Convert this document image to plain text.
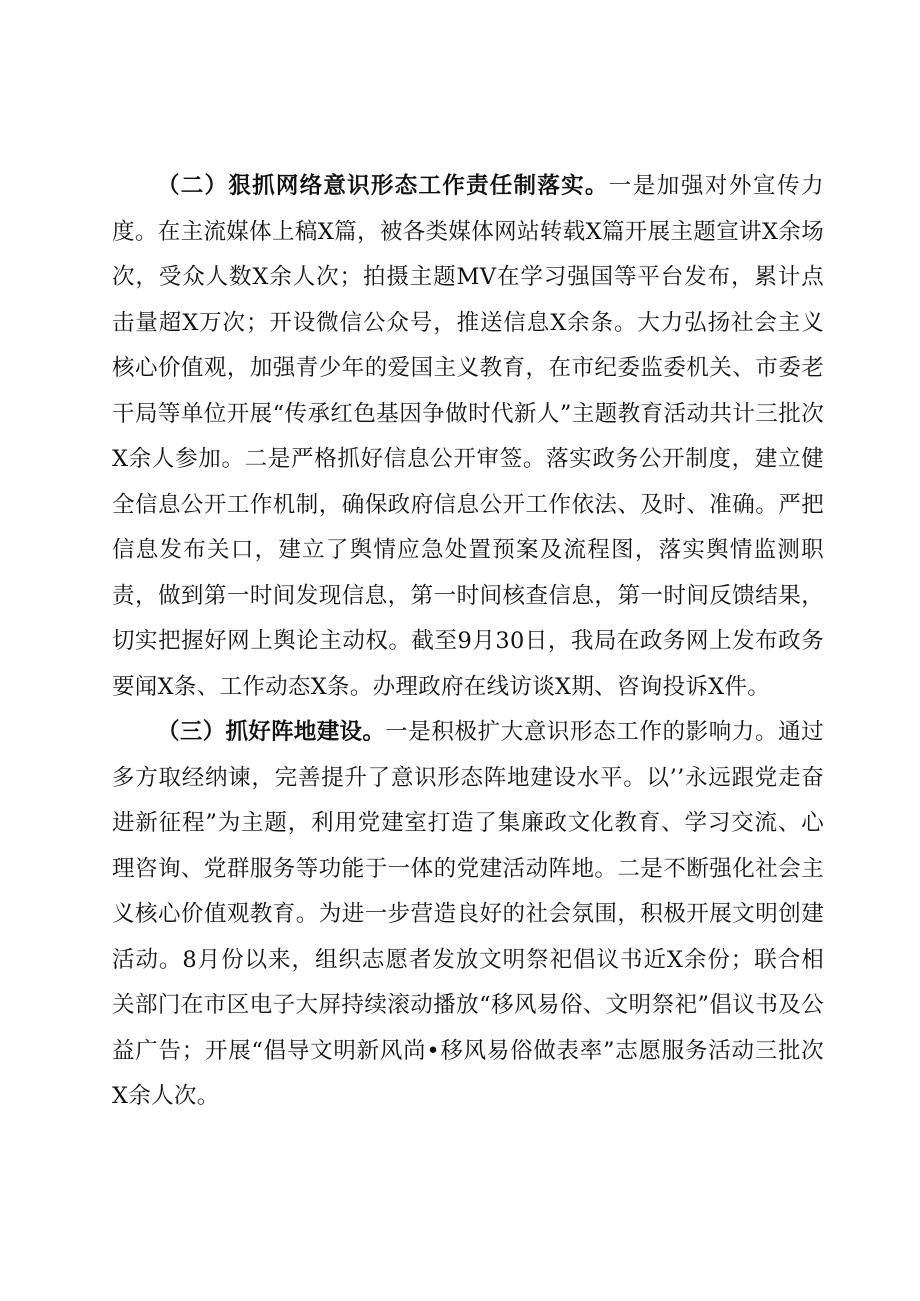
（二）狠抓网络意识形态工作责任制落实。一是加强对外宣传力度。在主流媒体上稿X篇，被各类媒体网站转载X篇开展主题宣讲X余场次，受众人数X余人次；拍摄主题MV在学习强国等平台发布，累计点击量超X万次；开设微信公众号，推送信息X余条。大力弘扬社会主义核心价值观，加强青少年的爱国主义教育，在市纪委监委机关、市委老干局等单位开展“传承红色基因争做时代新人”主题教育活动共计三批次X余人参加。二是严格抓好信息公开审签。落实政务公开制度，建立健全信息公开工作机制，确保政府信息公开工作依法、及时、准确。严把信息发布关口，建立了舆情应急处置预案及流程图，落实舆情监测职责，做到第一时间发现信息，第一时间核查信息，第一时间反馈结果，切实把握好网上舆论主动权。截至9月30日，我局在政务网上发布政务要闻X条、工作动态X条。办理政府在线访谈X期、咨询投诉X件。

（三）抓好阵地建设。一是积极扩大意识形态工作的影响力。通过多方取经纳谏，完善提升了意识形态阵地建设水平。以’’永远跟党走奋进新征程”为主题，利用党建室打造了集廉政文化教育、学习交流、心理咨询、党群服务等功能于一体的党建活动阵地。二是不断强化社会主义核心价值观教育。为进一步营造良好的社会氛围，积极开展文明创建活动。8月份以来，组织志愿者发放文明祭祀倡议书近X余份；联合相关部门在市区电子大屏持续滚动播放“移风易俗、文明祭祀”倡议书及公益广告；开展“倡导文明新风尚•移风易俗做表率”志愿服务活动三批次X余人次。
